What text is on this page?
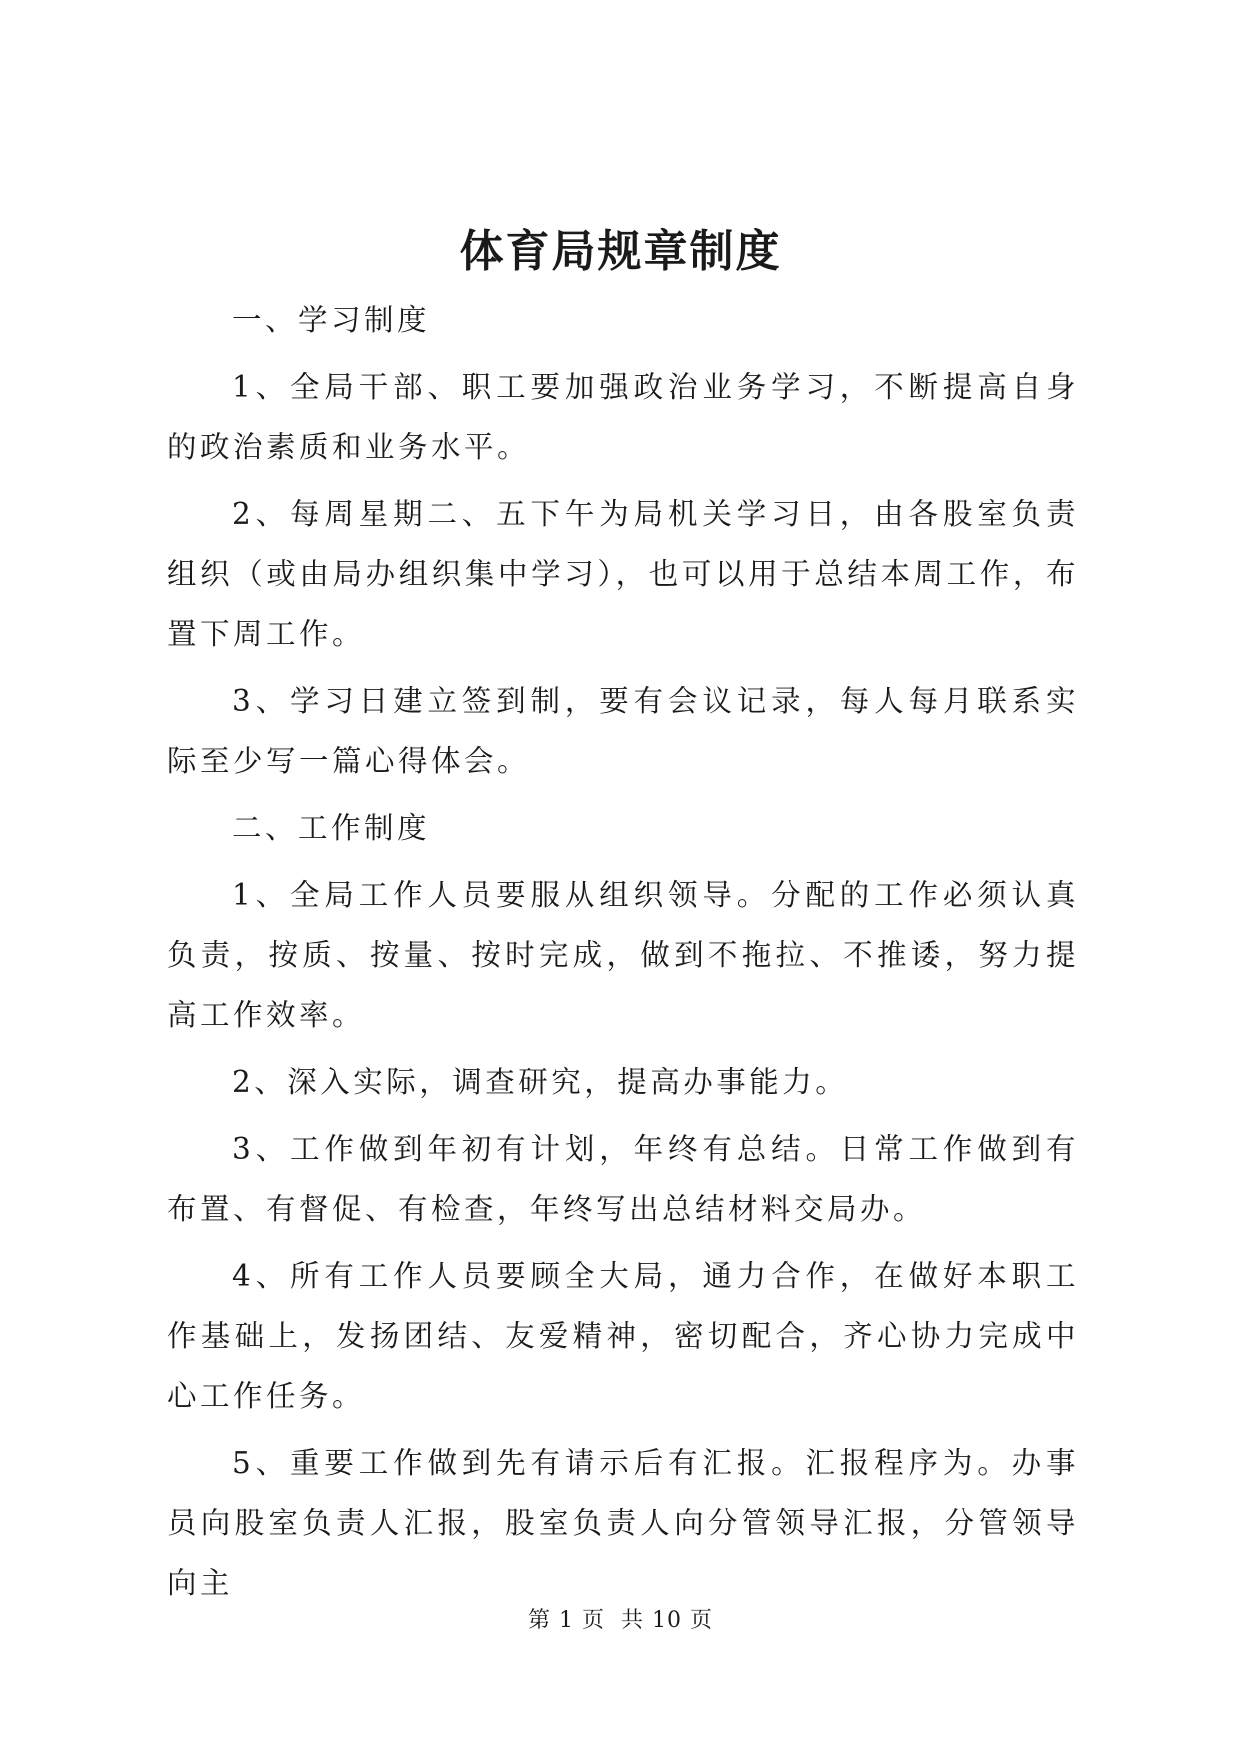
体育局规章制度

一、学习制度

1、全局干部、职工要加强政治业务学习，不断提高自身的政治素质和业务水平。

2、每周星期二、五下午为局机关学习日，由各股室负责组织（或由局办组织集中学习），也可以用于总结本周工作，布置下周工作。

3、学习日建立签到制，要有会议记录，每人每月联系实际至少写一篇心得体会。

二、工作制度

1、全局工作人员要服从组织领导。分配的工作必须认真负责，按质、按量、按时完成，做到不拖拉、不推诿，努力提高工作效率。

2、深入实际，调查研究，提高办事能力。

3、工作做到年初有计划，年终有总结。日常工作做到有布置、有督促、有检查，年终写出总结材料交局办。

4、所有工作人员要顾全大局，通力合作，在做好本职工作基础上，发扬团结、友爱精神，密切配合，齐心协力完成中心工作任务。

5、重要工作做到先有请示后有汇报。汇报程序为。办事员向股室负责人汇报，股室负责人向分管领导汇报，分管领导向主

第 1 页  共 10 页
